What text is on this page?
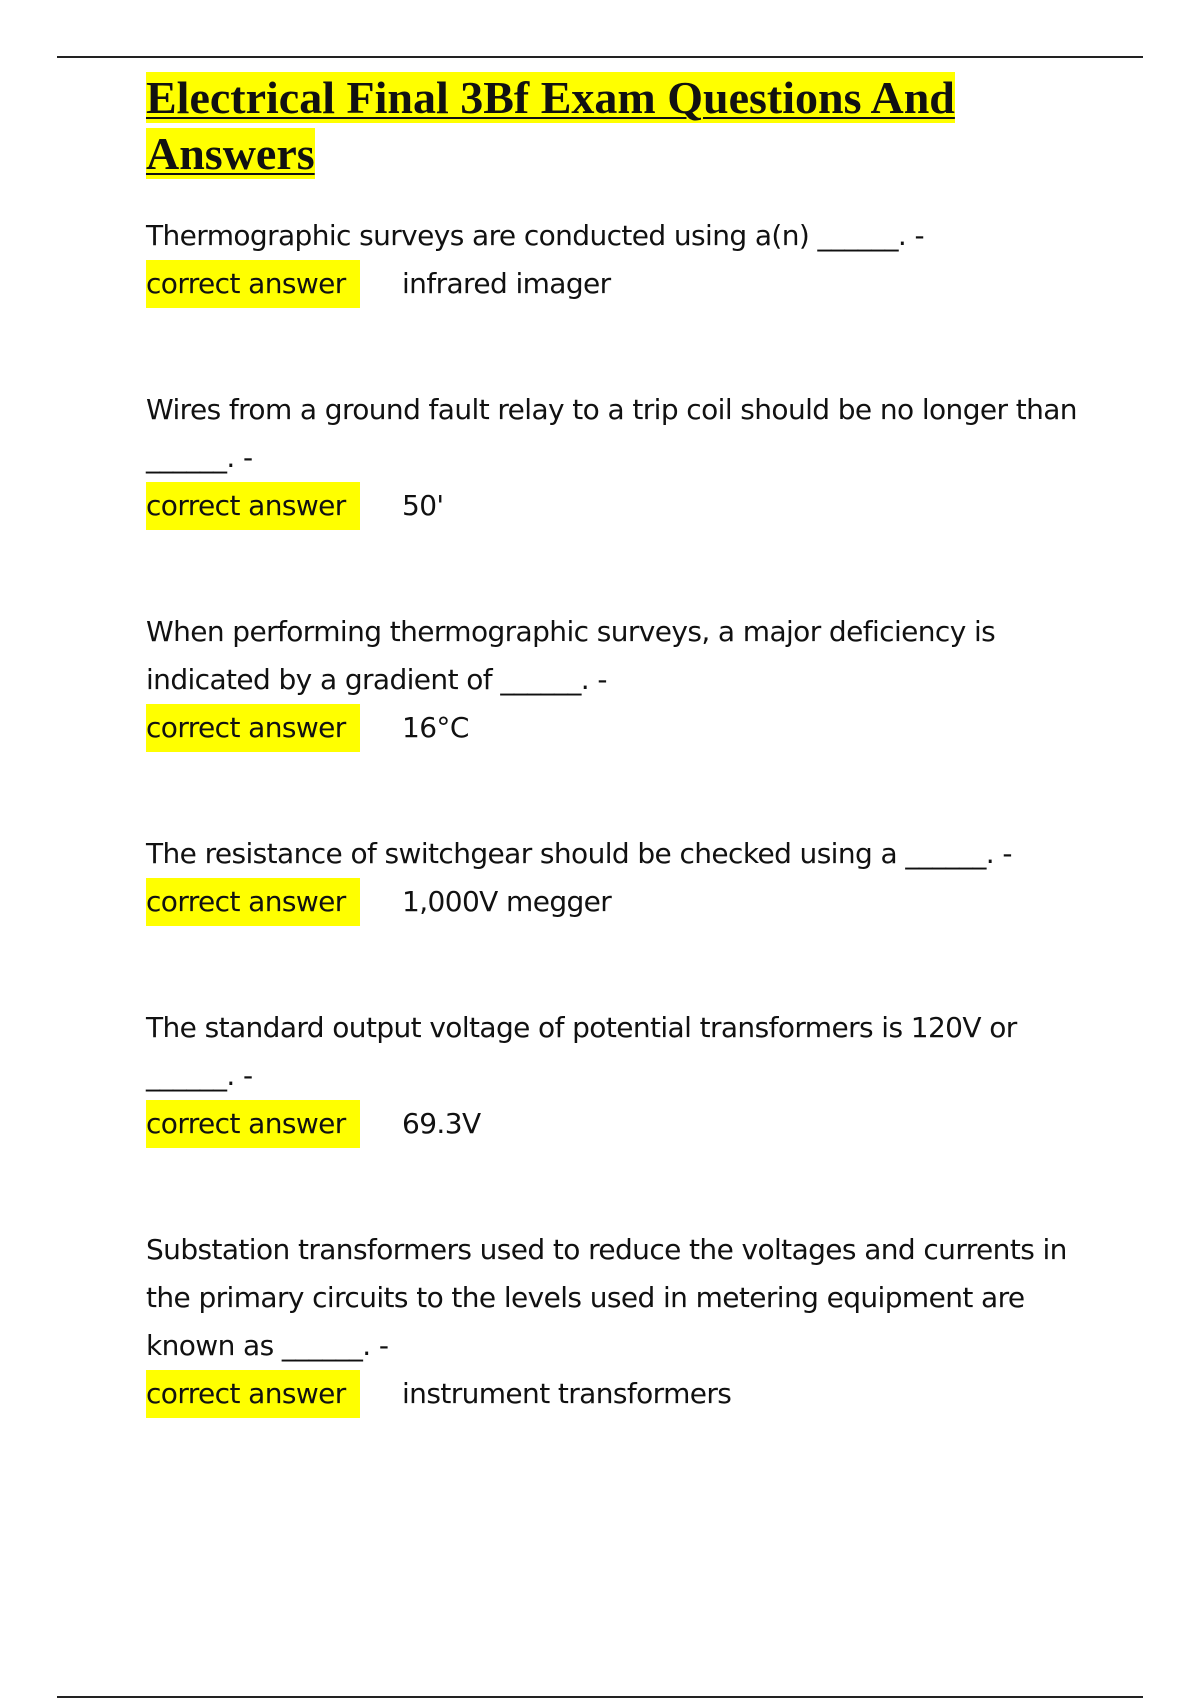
Electrical Final 3Bf Exam Questions And Answers

Thermographic surveys are conducted using a(n) ______. -

correct answer	infrared imager

Wires from a ground fault relay to a trip coil should be no longer than ______. -

correct answer	50'

When performing thermographic surveys, a major deficiency is indicated by a gradient of ______. -

correct answer	16°C

The resistance of switchgear should be checked using a ______. -

correct answer	1,000V megger

The standard output voltage of potential transformers is 120V or ______. -

correct answer	69.3V

Substation transformers used to reduce the voltages and currents in the primary circuits to the levels used in metering equipment are known as ______. -

correct answer	instrument transformers
